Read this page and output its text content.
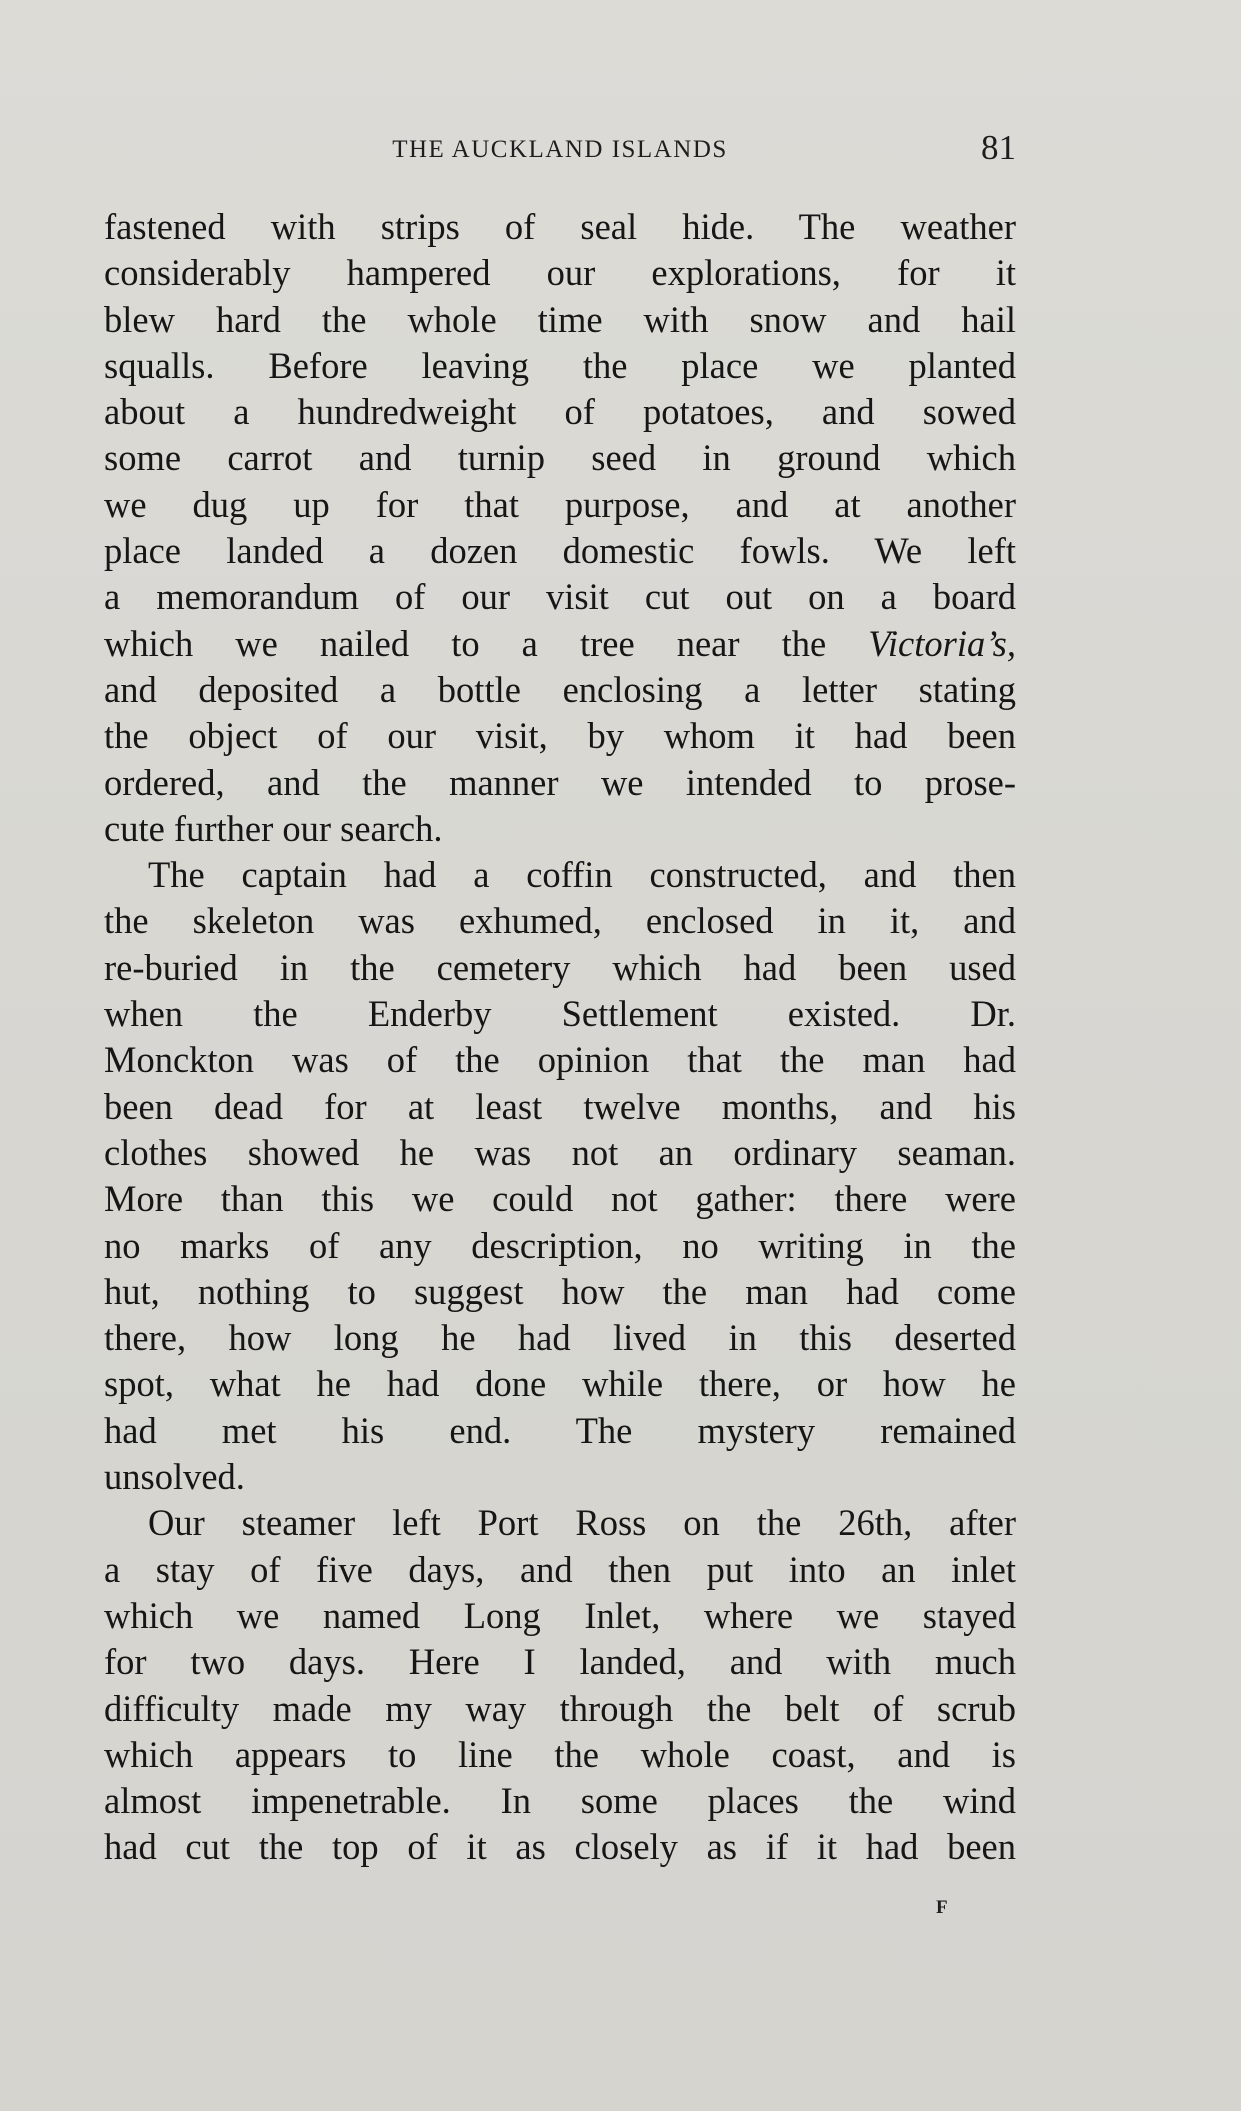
THE AUCKLAND ISLANDS	81
fastened with strips of seal hide. The weather
considerably hampered our explorations, for it
blew hard the whole time with snow and hail
squalls. Before leaving the place we planted
about a hundredweight of potatoes, and sowed
some carrot and turnip seed in ground which
we dug up for that purpose, and at another
place landed a dozen domestic fowls. We left
a memorandum of our visit cut out on a board
which we nailed to a tree near the Victoria’s,
and deposited a bottle enclosing a letter stating
the object of our visit, by whom it had been
ordered, and the manner we intended to prose-
cute further our search.
The captain had a coffin constructed, and then
the skeleton was exhumed, enclosed in it, and
re-buried in the cemetery which had been used
when the Enderby Settlement existed. Dr.
Monckton was of the opinion that the man had
been dead for at least twelve months, and his
clothes showed he was not an ordinary seaman.
More than this we could not gather: there were
no marks of any description, no writing in the
hut, nothing to suggest how the man had come
there, how long he had lived in this deserted
spot, what he had done while there, or how he
had met his end. The mystery remained
unsolved.
Our steamer left Port Ross on the 26th, after
a stay of five days, and then put into an inlet
which we named Long Inlet, where we stayed
for two days. Here I landed, and with much
difficulty made my way through the belt of scrub
which appears to line the whole coast, and is
almost impenetrable. In some places the wind
had cut the top of it as closely as if it had been
F
